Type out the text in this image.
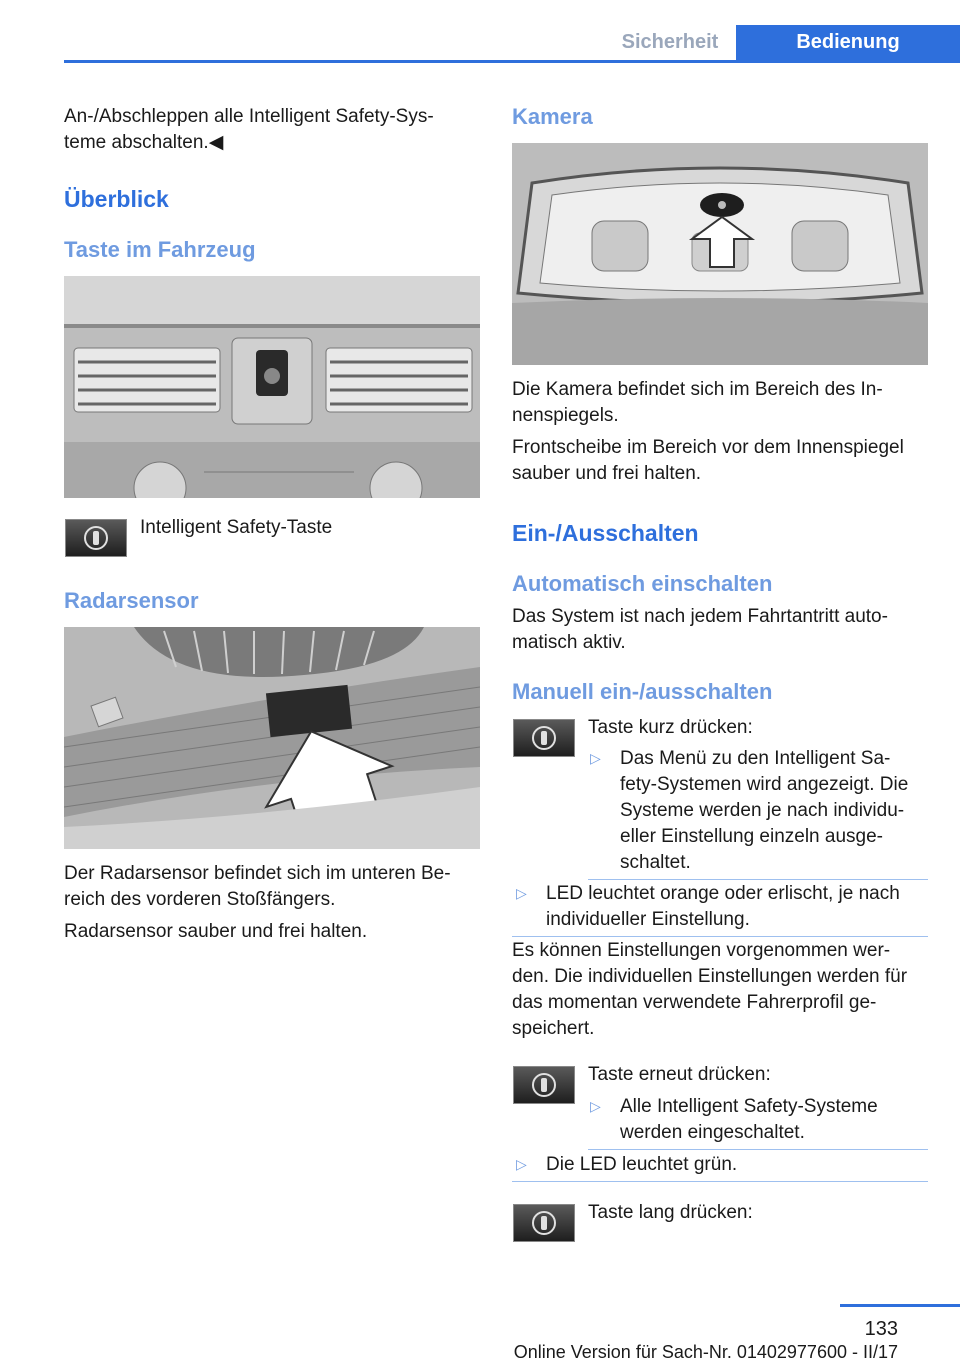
Sicherheit	Bedienung
An-/Abschleppen alle Intelligent Safety-Sys‐
teme abschalten.◀
Überblick
Taste im Fahrzeug
Intelligent Safety-Taste
Radarsensor
Der Radarsensor befindet sich im unteren Be‐
reich des vorderen Stoßfängers.
Radarsensor sauber und frei halten.
Kamera
Die Kamera befindet sich im Bereich des In‐
nenspiegels.
Frontscheibe im Bereich vor dem Innenspiegel
sauber und frei halten.
Ein-/Ausschalten
Automatisch einschalten
Das System ist nach jedem Fahrtantritt auto‐
matisch aktiv.
Manuell ein-/ausschalten
Taste kurz drücken:
▷ Das Menü zu den Intelligent Sa‐
fety-Systemen wird angezeigt. Die
Systeme werden je nach individu‐
eller Einstellung einzeln ausge‐
schaltet.
▷ LED leuchtet orange oder erlischt, je nach
individueller Einstellung.
Es können Einstellungen vorgenommen wer‐
den. Die individuellen Einstellungen werden für
das momentan verwendete Fahrerprofil ge‐
speichert.
Taste erneut drücken:
▷ Alle Intelligent Safety-Systeme
werden eingeschaltet.
▷ Die LED leuchtet grün.
Taste lang drücken:
133
Online Version für Sach-Nr. 01402977600 - II/17
